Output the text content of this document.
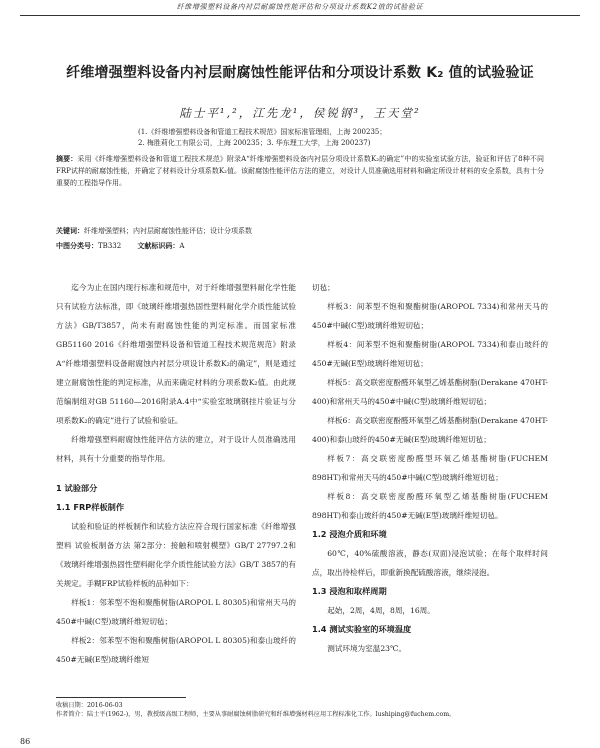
纤维增强塑料设备内衬层耐腐蚀性能评估和分项设计系数K2值的试验验证
纤维增强塑料设备内衬层耐腐蚀性能评估和分项设计系数 K₂ 值的试验验证
陆士平¹,²，江先龙¹，侯锐钢³，王天堂²
(1.《纤维增强塑料设备和管道工程技术规范》国家标准管理组，上海 200235；
2. 梅胜莉化工有限公司，上海 200235；3. 华东理工大学，上海 200237)
摘要：采用《纤维增强塑料设备和管道工程技术规范》附录A“纤维增强塑料设备内衬层分项设计系数K₂的确定”中的实验室试验方法，验证和评估了8种不同FRP试样的耐腐蚀性能，并确定了材料设计分项系数K₂值。该耐腐蚀性能评估方法的建立，对设计人员准确选用材料和确定所设计材料的安全系数，具有十分重要的工程指导作用。
关键词：纤维增强塑料；内衬层耐腐蚀性能评估；设计分项系数
中图分类号：TB332 文献标识码：A

迄今为止在国内现行标准和规范中，对于纤维增强塑料耐化学性能只有试验方法标准，即《玻璃纤维增强热固性塑料耐化学介质性能试验方法》GB/T3857，尚未有耐腐蚀性能的判定标准。而国家标准GB51160 2016《纤维增强塑料设备和管道工程技术规范规范》附录A“纤维增强塑料设备耐腐蚀内衬层分项设计系数K₂的确定”，则是通过建立耐腐蚀性能的判定标准，从而来确定材料的分项系数K₂值。由此规范编制组对GB 51160—2016附录A.4中“实验室玻璃钢挂片验证与分项系数K₂的确定”进行了试验和验证。

纤维增强塑料耐腐蚀性能评估方法的建立，对于设计人员准确选用材料，具有十分重要的指导作用。

1 试验部分

1.1 FRP样板制作

试验和验证的样板制作和试验方法应符合现行国家标准《纤维增强塑料 试验板制备方法 第2部分：接触和喷射模塑》GB/T 27797.2和《玻璃纤维增强热固性塑料耐化学介质性能试验方法》GB/T 3857的有关规定。手糊FRP试验样板的品种如下：

样板1：邻苯型不饱和聚酯树脂(AROPOL L 80305)和常州天马的450#中碱(C型)玻璃纤维短切毡；

样板2：邻苯型不饱和聚酯树脂(AROPOL L 80305)和泰山玻纤的450#无碱(E型)玻璃纤维短

切毡；

样板3：间苯型不饱和聚酯树脂(AROPOL 7334)和常州天马的450#中碱(C型)玻璃纤维短切毡；

样板4：间苯型不饱和聚酯树脂(AROPOL 7334)和泰山玻纤的450#无碱(E型)玻璃纤维短切毡；

样板5：高交联密度酚醛环氧型乙烯基酯树脂(Derakane 470HT-400)和常州天马的450#中碱(C型)玻璃纤维短切毡；

样板6：高交联密度酚醛环氧型乙烯基酯树脂(Derakane 470HT-400)和泰山玻纤的450#无碱(E型)玻璃纤维短切毡；

样板7：高交联密度酚醛型环氧乙烯基酯树脂(FUCHEM 898HT)和常州天马的450#中碱(C型)玻璃纤维短切毡；

样板8：高交联密度酚醛环氧型乙烯基酯树脂(FUCHEM 898HT)和泰山玻纤的450#无碱(E型)玻璃纤维短切毡。

1.2 浸泡介质和环境

60℃，40%硫酸溶液，静态(双面)浸泡试验；在每个取样时间点，取出待检样后，即重新换配硫酸溶液，继续浸泡。

1.3 浸泡和取样周期

起始，2周，4周，8周，16周。

1.4 测试实验室的环境温度

测试环境为室温23℃。

收稿日期：2016-06-03
作者简介：陆士平(1962-)，男，教授级高级工程师，主要从事耐腐蚀树脂研究和纤维增强材料应用工程标准化工作。lushiping@fuchem.com。
86
